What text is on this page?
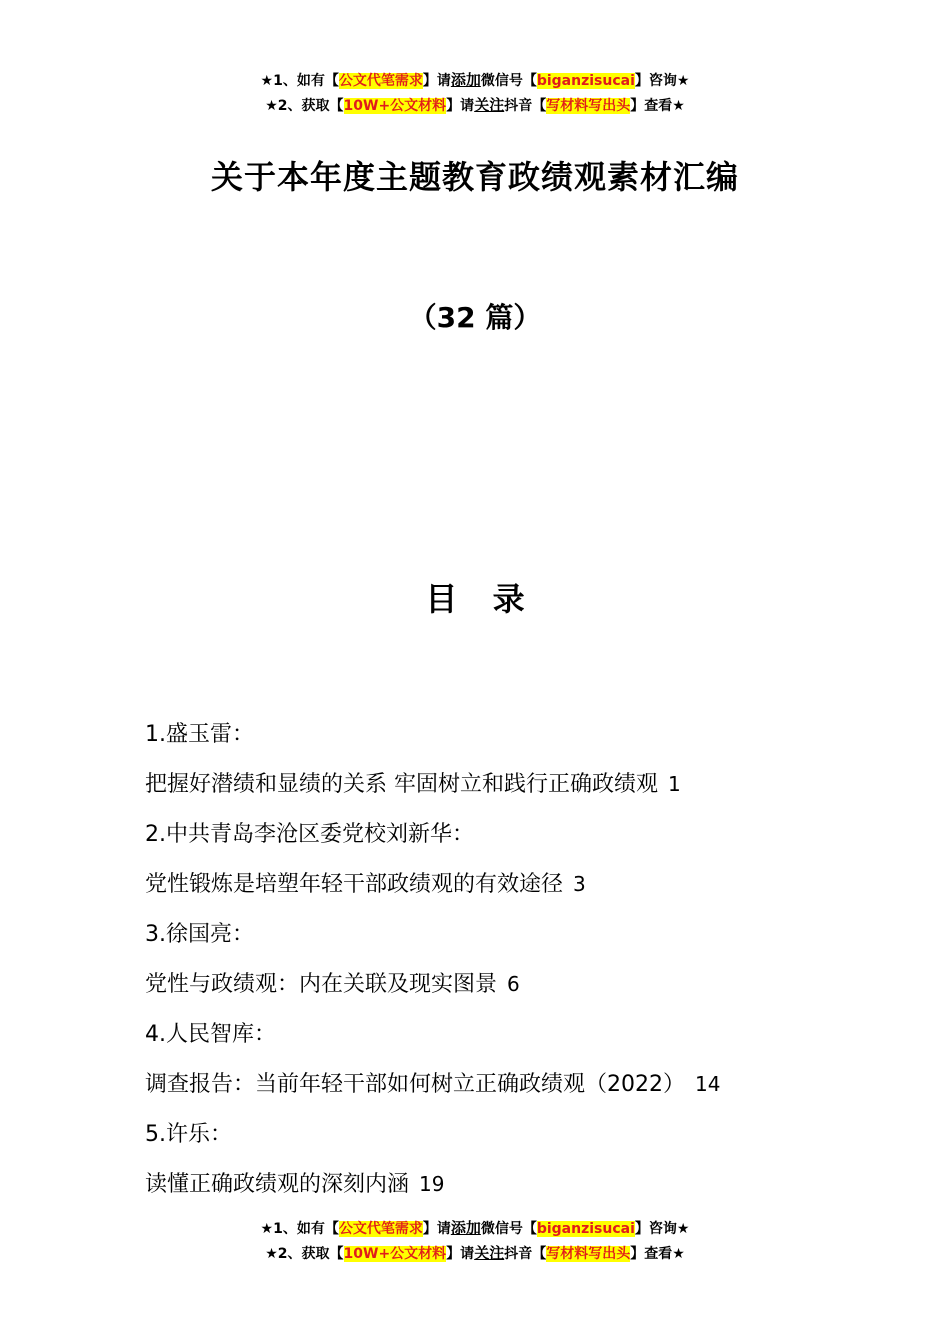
★1、如有【公文代笔需求】请添加微信号【biganzisucai】咨询★
★2、获取【10W+公文材料】请关注抖音【写材料写出头】查看★
关于本年度主题教育政绩观素材汇编
（32 篇）
目 录
1.盛玉雷：
把握好潜绩和显绩的关系 牢固树立和践行正确政绩观 1
2.中共青岛李沧区委党校刘新华：
党性锻炼是培塑年轻干部政绩观的有效途径 3
3.徐国亮：
党性与政绩观：内在关联及现实图景 6
4.人民智库：
调查报告：当前年轻干部如何树立正确政绩观（2022） 14
5.许乐：
读懂正确政绩观的深刻内涵 19
★1、如有【公文代笔需求】请添加微信号【biganzisucai】咨询★
★2、获取【10W+公文材料】请关注抖音【写材料写出头】查看★
